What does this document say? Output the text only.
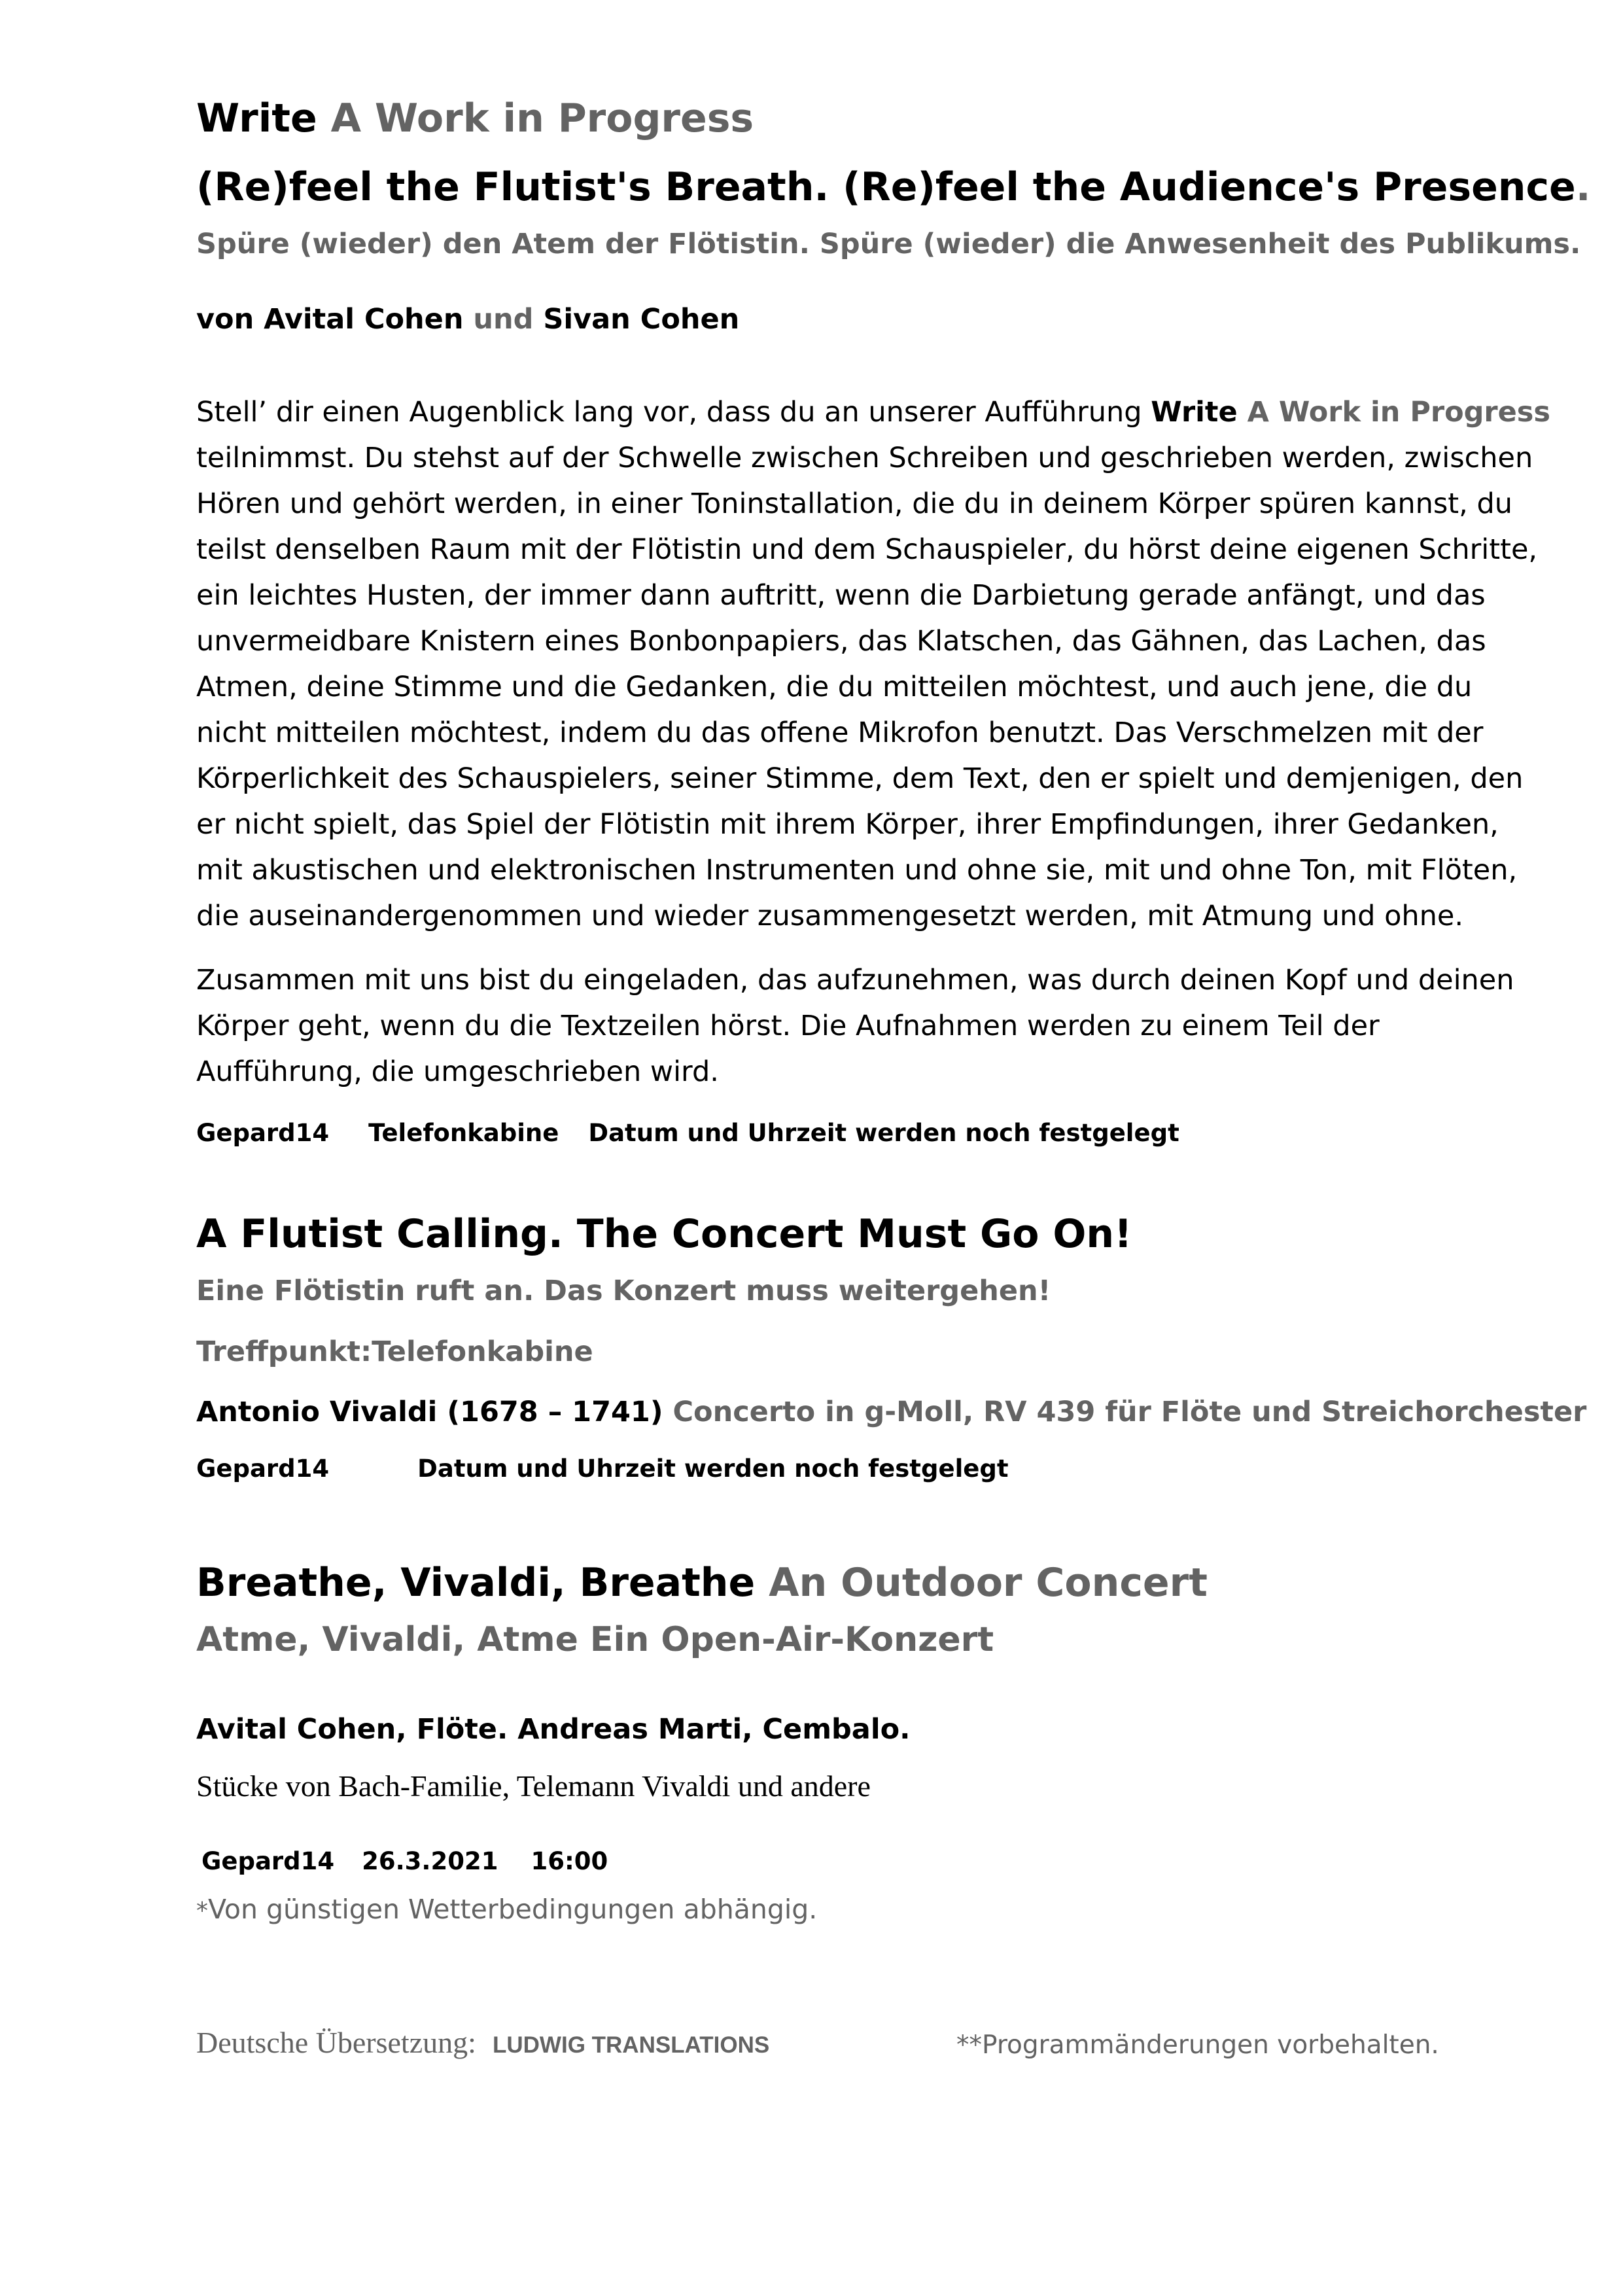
Write A Work in Progress
(Re)feel the Flutist's Breath. (Re)feel the Audience's Presence.
Spüre (wieder) den Atem der Flötistin. Spüre (wieder) die Anwesenheit des Publikums.
von Avital Cohen und Sivan Cohen
Stell’ dir einen Augenblick lang vor, dass du an unserer Aufführung Write A Work in Progress
teilnimmst. Du stehst auf der Schwelle zwischen Schreiben und geschrieben werden, zwischen
Hören und gehört werden, in einer Toninstallation, die du in deinem Körper spüren kannst, du
teilst denselben Raum mit der Flötistin und dem Schauspieler, du hörst deine eigenen Schritte,
ein leichtes Husten, der immer dann auftritt, wenn die Darbietung gerade anfängt, und das
unvermeidbare Knistern eines Bonbonpapiers, das Klatschen, das Gähnen, das Lachen, das
Atmen, deine Stimme und die Gedanken, die du mitteilen möchtest, und auch jene, die du
nicht mitteilen möchtest, indem du das offene Mikrofon benutzt. Das Verschmelzen mit der
Körperlichkeit des Schauspielers, seiner Stimme, dem Text, den er spielt und demjenigen, den
er nicht spielt, das Spiel der Flötistin mit ihrem Körper, ihrer Empfindungen, ihrer Gedanken,
mit akustischen und elektronischen Instrumenten und ohne sie, mit und ohne Ton, mit Flöten,
die auseinandergenommen und wieder zusammengesetzt werden, mit Atmung und ohne.
Zusammen mit uns bist du eingeladen, das aufzunehmen, was durch deinen Kopf und deinen
Körper geht, wenn du die Textzeilen hörst. Die Aufnahmen werden zu einem Teil der
Aufführung, die umgeschrieben wird.
Gepard14 Telefonkabine Datum und Uhrzeit werden noch festgelegt
A Flutist Calling. The Concert Must Go On!
Eine Flötistin ruft an. Das Konzert muss weitergehen!
Treffpunkt:Telefonkabine
Antonio Vivaldi (1678 – 1741) Concerto in g-Moll, RV 439 für Flöte und Streichorchester
Gepard14	Datum und Uhrzeit werden noch festgelegt
Breathe, Vivaldi, Breathe An Outdoor Concert
Atme, Vivaldi, Atme Ein Open-Air-Konzert
Avital Cohen, Flöte. Andreas Marti, Cembalo.
Stücke von Bach-Familie, Telemann Vivaldi und andere
Gepard14 26.3.2021 16:00
*Von günstigen Wetterbedingungen abhängig.
Deutsche Übersetzung: LUDWIG TRANSLATIONS	**Programmänderungen vorbehalten.
